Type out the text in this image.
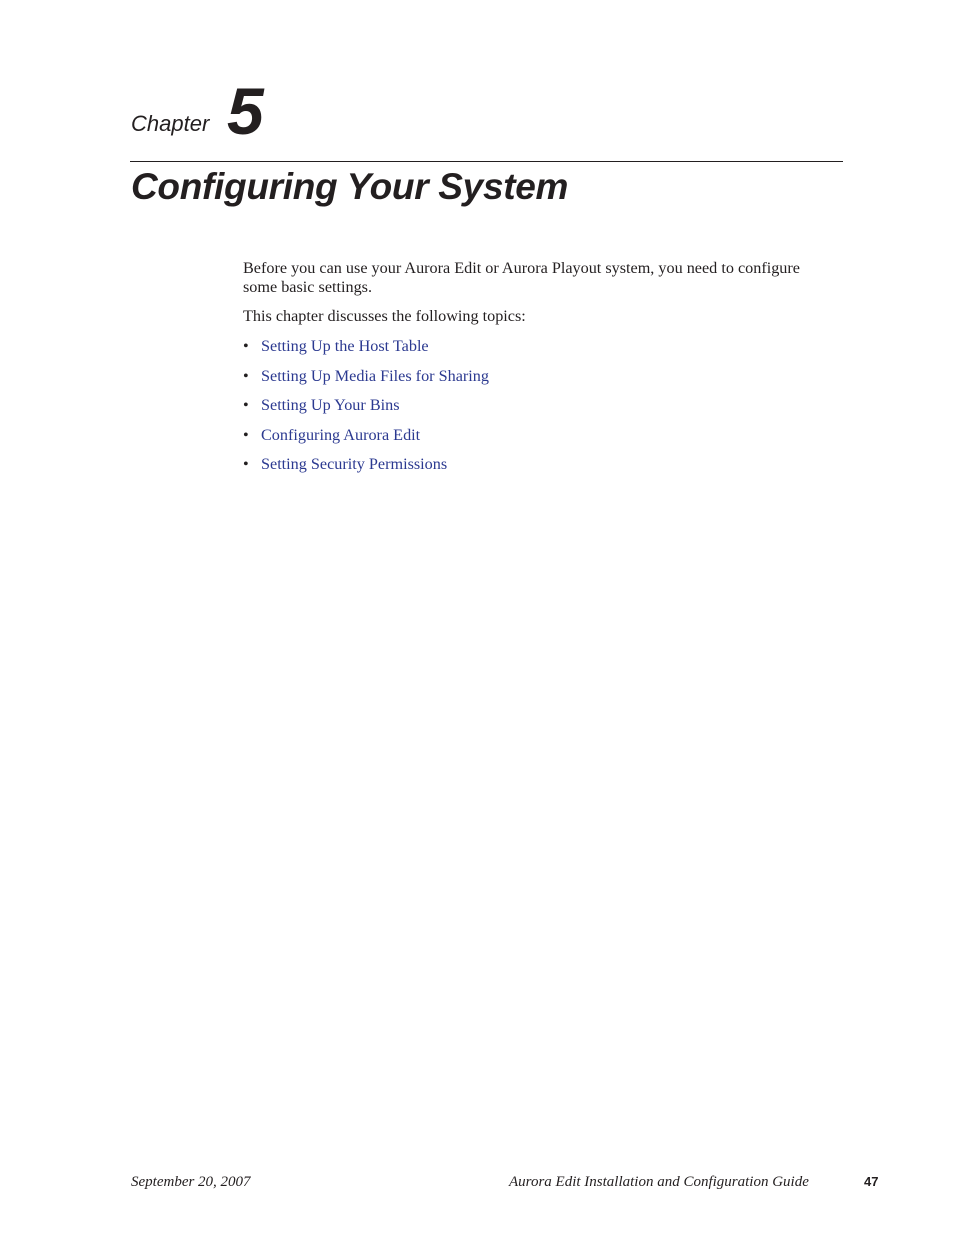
Chapter 5
Configuring Your System

Before you can use your Aurora Edit or Aurora Playout system, you need to configure some basic settings.

This chapter discusses the following topics:

• Setting Up the Host Table
• Setting Up Media Files for Sharing
• Setting Up Your Bins
• Configuring Aurora Edit
• Setting Security Permissions
September 20, 2007	Aurora Edit Installation and Configuration Guide	47
